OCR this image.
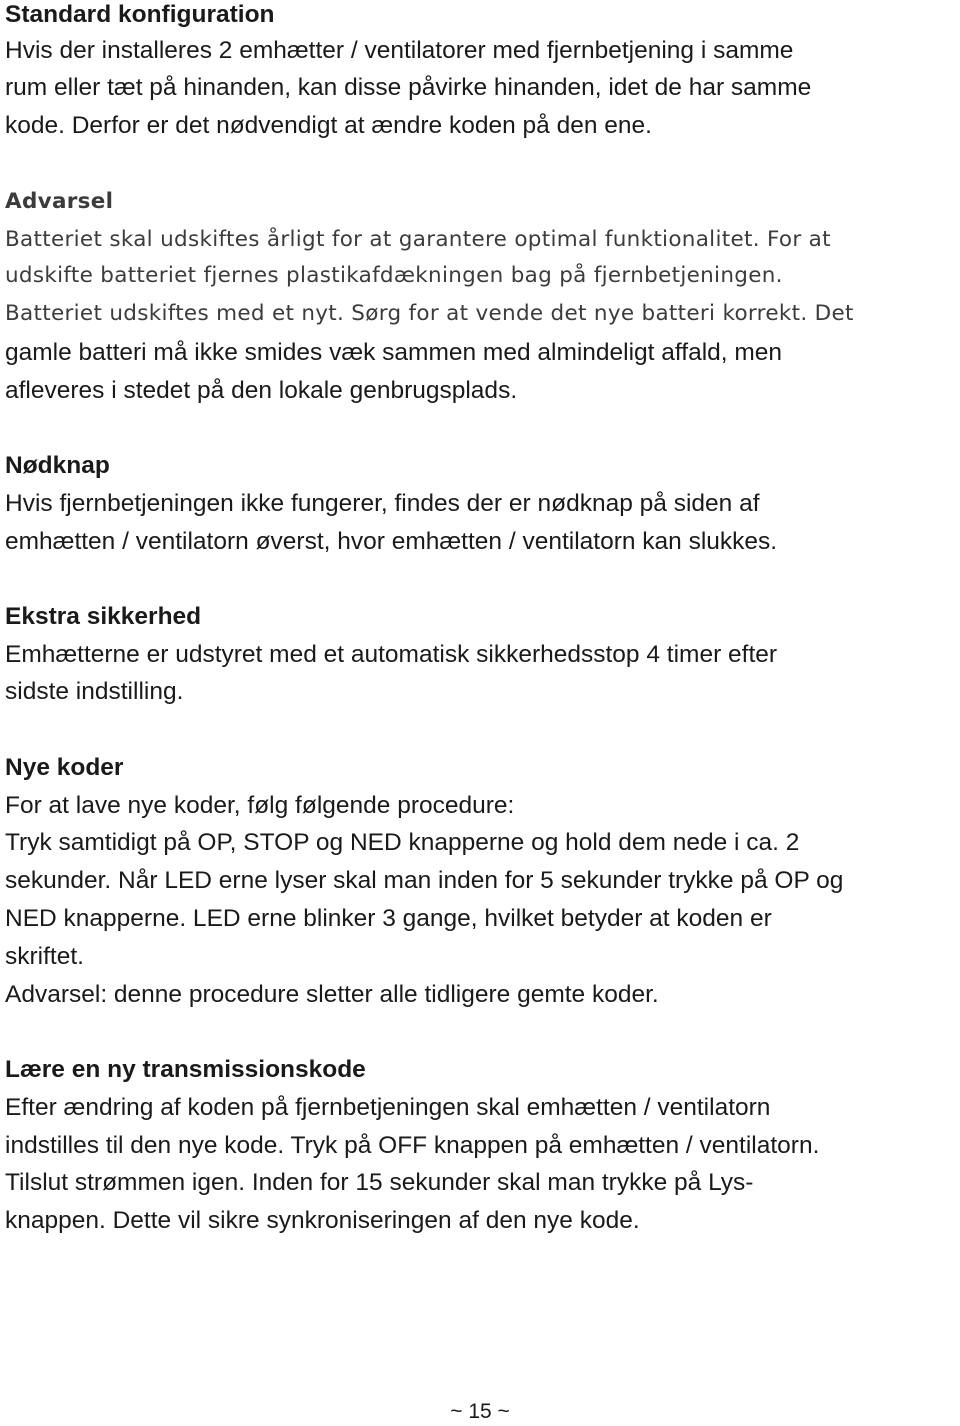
Standard konfiguration
Hvis der installeres 2 emhætter / ventilatorer med fjernbetjening i samme
rum eller tæt på hinanden, kan disse påvirke hinanden, idet de har samme
kode. Derfor er det nødvendigt at ændre koden på den ene.
Advarsel
Batteriet skal udskiftes årligt for at garantere optimal funktionalitet. For at
udskifte batteriet fjernes plastikafdækningen bag på fjernbetjeningen.
Batteriet udskiftes med et nyt. Sørg for at vende det nye batteri korrekt. Det
gamle batteri må ikke smides væk sammen med almindeligt affald, men
afleveres i stedet på den lokale genbrugsplads.
Nødknap
Hvis fjernbetjeningen ikke fungerer, findes der er nødknap på siden af
emhætten / ventilatorn øverst, hvor emhætten / ventilatorn kan slukkes.
Ekstra sikkerhed
Emhætterne er udstyret med et automatisk sikkerhedsstop 4 timer efter
sidste indstilling.
Nye koder
For at lave nye koder, følg følgende procedure:
Tryk samtidigt på OP, STOP og NED knapperne og hold dem nede i ca. 2
sekunder. Når LED erne lyser skal man inden for 5 sekunder trykke på OP og
NED knapperne. LED erne blinker 3 gange, hvilket betyder at koden er
skriftet.
Advarsel: denne procedure sletter alle tidligere gemte koder.
Lære en ny transmissionskode
Efter ændring af koden på fjernbetjeningen skal emhætten / ventilatorn
indstilles til den nye kode. Tryk på OFF knappen på emhætten / ventilatorn.
Tilslut strømmen igen. Inden for 15 sekunder skal man trykke på Lys-
knappen. Dette vil sikre synkroniseringen af den nye kode.
~ 15 ~
